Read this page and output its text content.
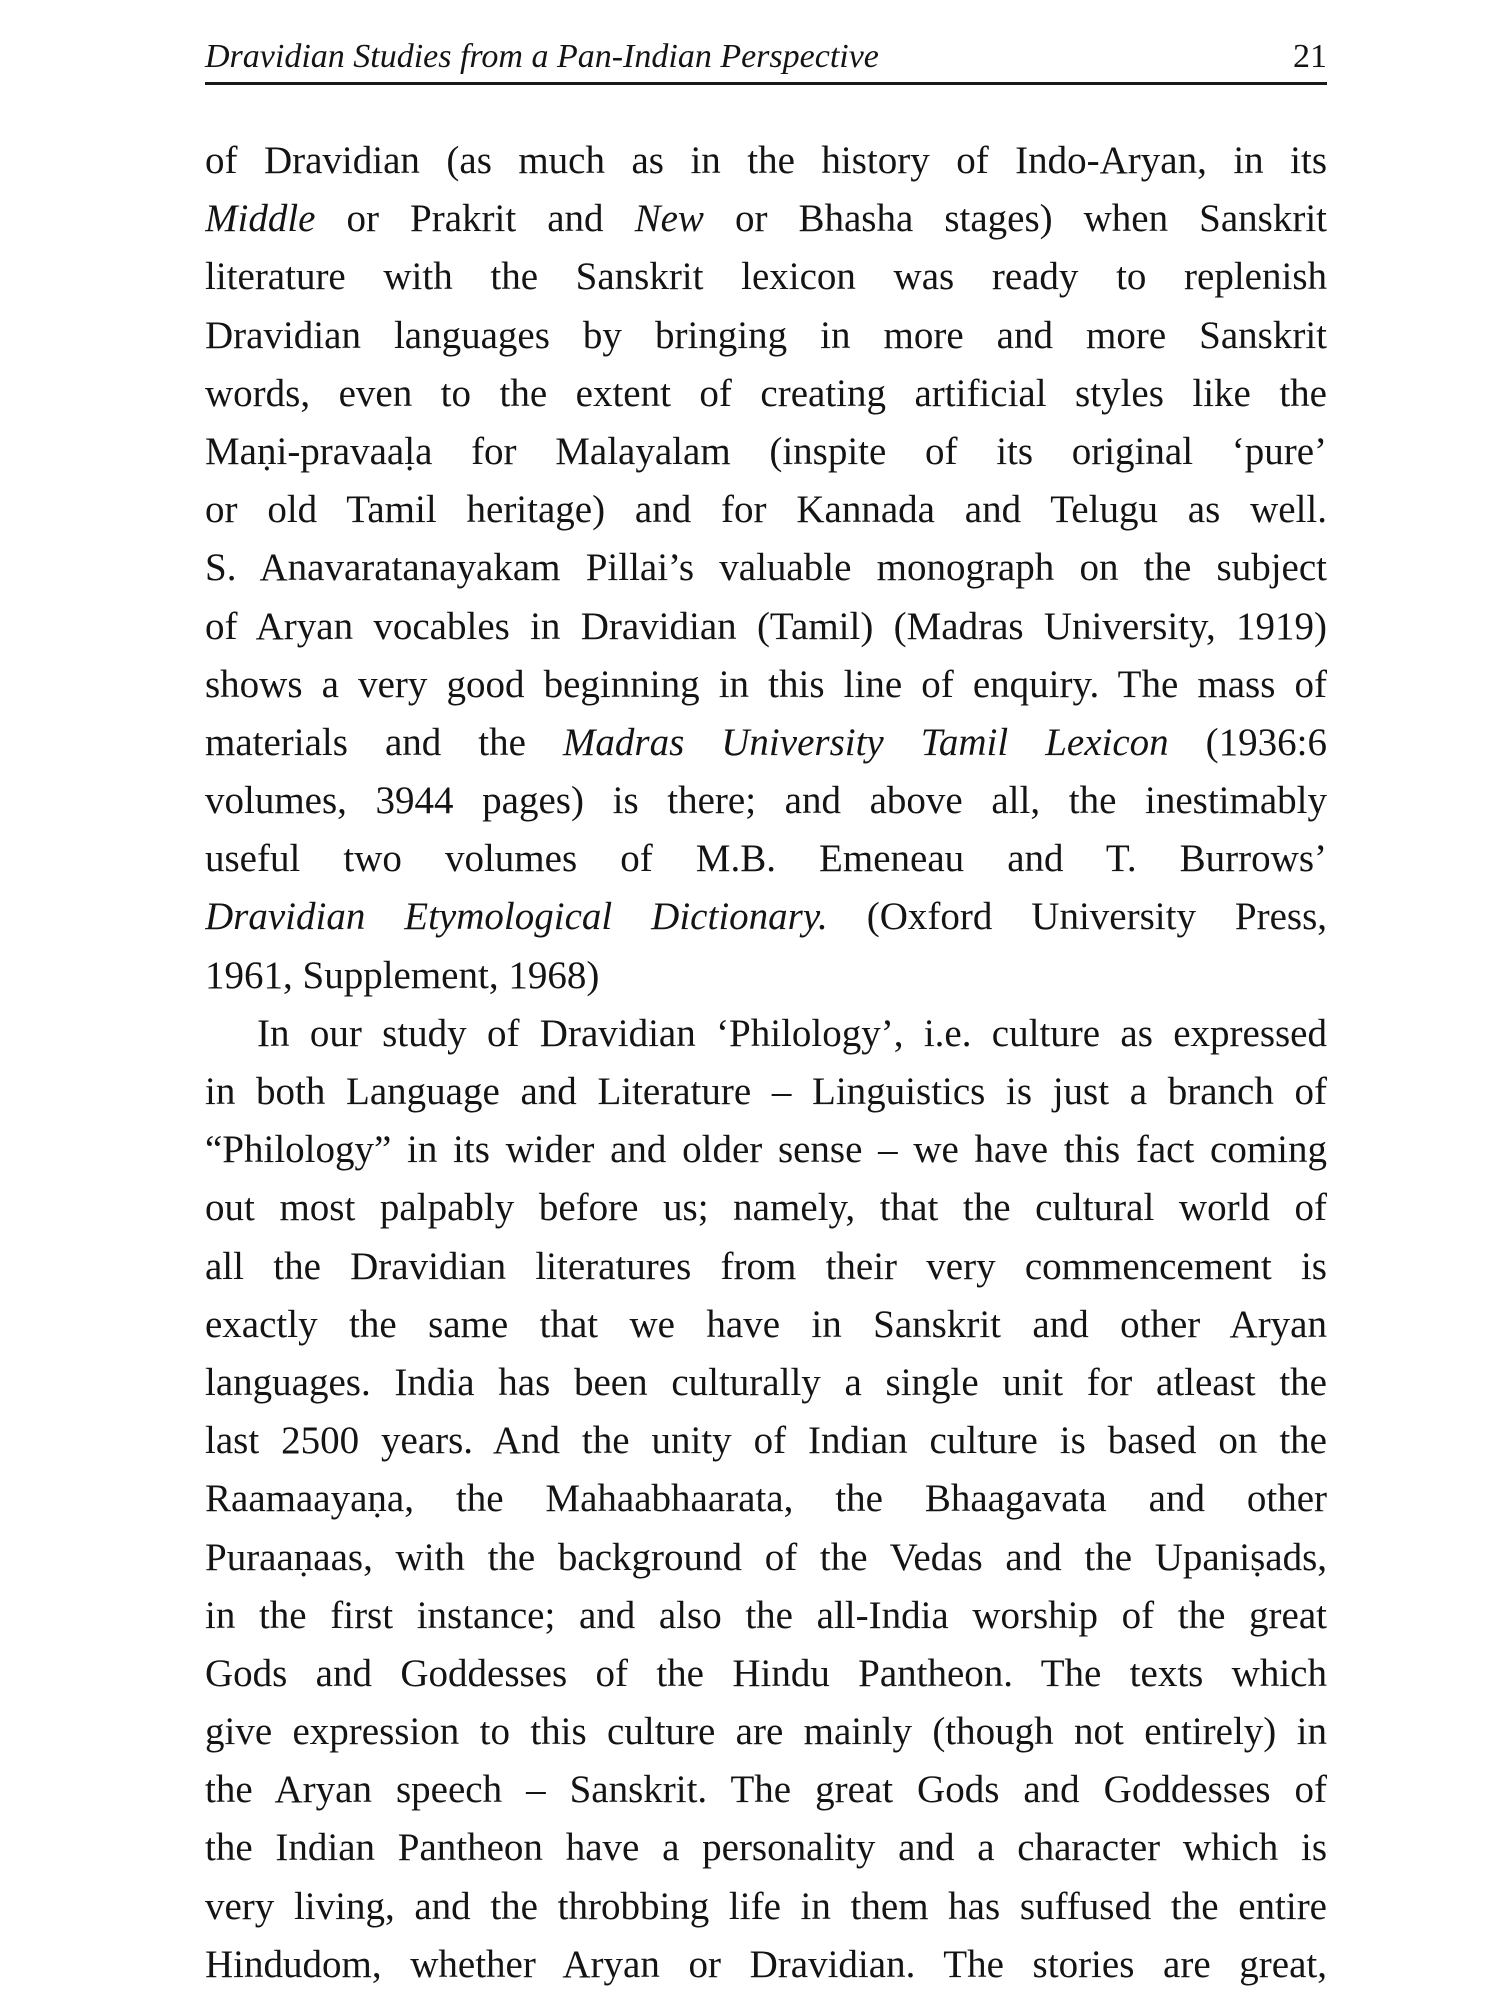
Dravidian Studies from a Pan-Indian Perspective	21
of Dravidian (as much as in the history of Indo-Aryan, in its
Middle or Prakrit and New or Bhasha stages) when Sanskrit
literature with the Sanskrit lexicon was ready to replenish
Dravidian languages by bringing in more and more Sanskrit
words, even to the extent of creating artificial styles like the
Maṇi-pravaaḷa for Malayalam (inspite of its original ‘pure’
or old Tamil heritage) and for Kannada and Telugu as well.
S. Anavaratanayakam Pillai’s valuable monograph on the subject
of Aryan vocables in Dravidian (Tamil) (Madras University, 1919)
shows a very good beginning in this line of enquiry. The mass of
materials and the Madras University Tamil Lexicon (1936:6
volumes, 3944 pages) is there; and above all, the inestimably
useful two volumes of M.B. Emeneau and T. Burrows’
Dravidian Etymological Dictionary. (Oxford University Press,
1961, Supplement, 1968)
In our study of Dravidian ‘Philology’, i.e. culture as expressed
in both Language and Literature – Linguistics is just a branch of
“Philology” in its wider and older sense – we have this fact coming
out most palpably before us; namely, that the cultural world of
all the Dravidian literatures from their very commencement is
exactly the same that we have in Sanskrit and other Aryan
languages. India has been culturally a single unit for atleast the
last 2500 years. And the unity of Indian culture is based on the
Raamaayaṇa, the Mahaabhaarata, the Bhaagavata and other
Puraaṇaas, with the background of the Vedas and the Upaniṣads,
in the first instance; and also the all-India worship of the great
Gods and Goddesses of the Hindu Pantheon. The texts which
give expression to this culture are mainly (though not entirely) in
the Aryan speech – Sanskrit. The great Gods and Goddesses of
the Indian Pantheon have a personality and a character which is
very living, and the throbbing life in them has suffused the entire
Hindudom, whether Aryan or Dravidian. The stories are great,
